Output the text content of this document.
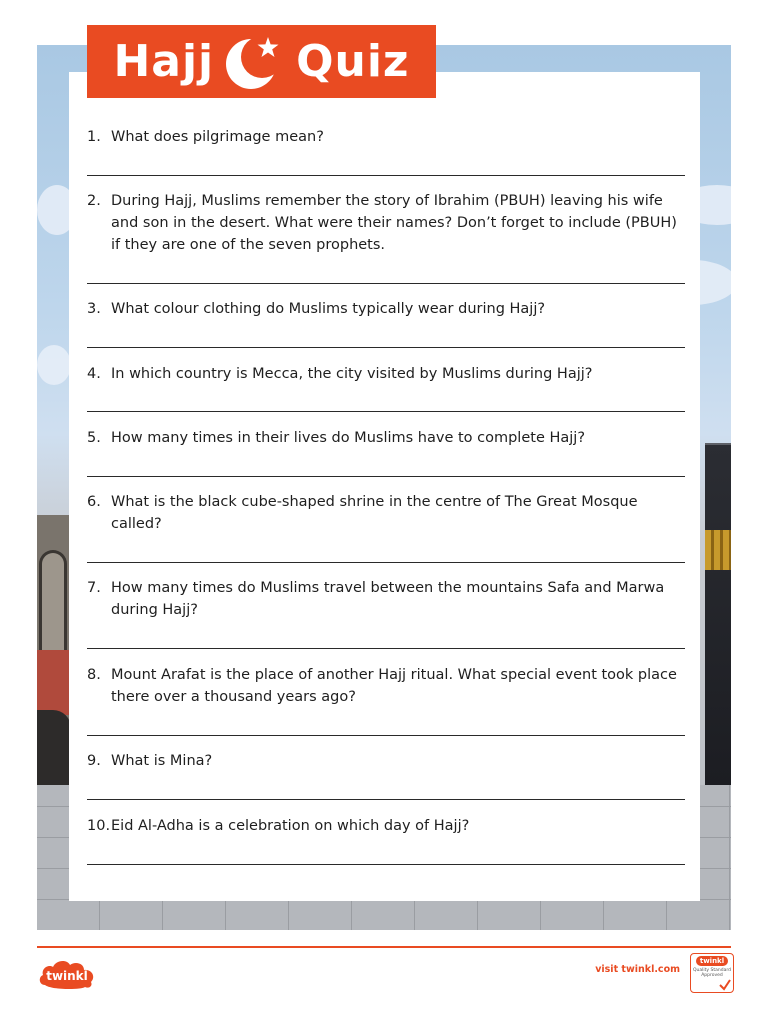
Hajj Quiz
1. What does pilgrimage mean?
2. During Hajj, Muslims remember the story of Ibrahim (PBUH) leaving his wife and son in the desert. What were their names? Don’t forget to include (PBUH) if they are one of the seven prophets.
3. What colour clothing do Muslims typically wear during Hajj?
4. In which country is Mecca, the city visited by Muslims during Hajj?
5. How many times in their lives do Muslims have to complete Hajj?
6. What is the black cube-shaped shrine in the centre of The Great Mosque called?
7. How many times do Muslims travel between the mountains Safa and Marwa during Hajj?
8. Mount Arafat is the place of another Hajj ritual. What special event took place there over a thousand years ago?
9. What is Mina?
10. Eid Al-Adha is a celebration on which day of Hajj?
twinkl	visit twinkl.com
twinkl
Quality Standard Approved
